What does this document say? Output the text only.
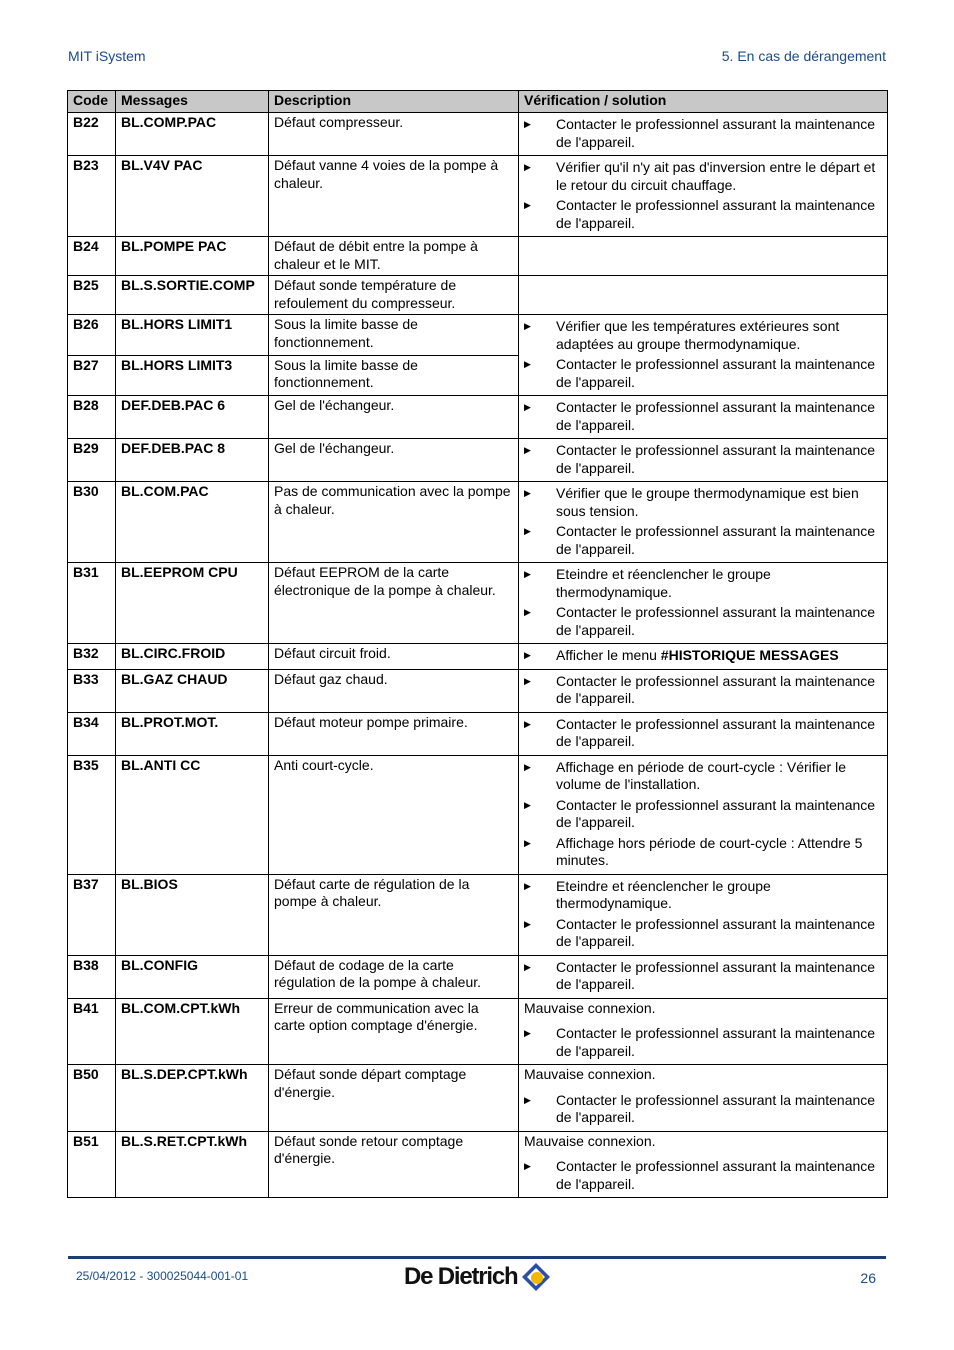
MIT iSystem	5. En cas de dérangement
Code	Messages	Description	Vérification / solution
B22	BL.COMP.PAC	Défaut compresseur.	▶ Contacter le professionnel assurant la maintenance de l'appareil.

B23	BL.V4V PAC	Défaut vanne 4 voies de la pompe à chaleur.	▶ Vérifier qu'il n'y ait pas d'inversion entre le départ et le retour du circuit chauffage.
▶ Contacter le professionnel assurant la maintenance de l'appareil.

B24	BL.POMPE PAC	Défaut de débit entre la pompe à chaleur et le MIT.	
B25	BL.S.SORTIE.COMP	Défaut sonde température de refoulement du compresseur.	
B26	BL.HORS LIMIT1	Sous la limite basse de fonctionnement.	▶ Vérifier que les températures extérieures sont adaptées au groupe thermodynamique.
▶ Contacter le professionnel assurant la maintenance de l'appareil.

B27	BL.HORS LIMIT3	Sous la limite basse de fonctionnement.	
B28	DEF.DEB.PAC 6	Gel de l'échangeur.	▶ Contacter le professionnel assurant la maintenance de l'appareil.

B29	DEF.DEB.PAC 8	Gel de l'échangeur.	▶ Contacter le professionnel assurant la maintenance de l'appareil.

B30	BL.COM.PAC	Pas de communication avec la pompe à chaleur.	▶ Vérifier que le groupe thermodynamique est bien sous tension.
▶ Contacter le professionnel assurant la maintenance de l'appareil.

B31	BL.EEPROM CPU	Défaut EEPROM de la carte électronique de la pompe à chaleur.	▶ Eteindre et réenclencher le groupe thermodynamique.
▶ Contacter le professionnel assurant la maintenance de l'appareil.

B32	BL.CIRC.FROID	Défaut circuit froid.	▶ Afficher le menu #HISTORIQUE MESSAGES

B33	BL.GAZ CHAUD	Défaut gaz chaud.	▶ Contacter le professionnel assurant la maintenance de l'appareil.

B34	BL.PROT.MOT.	Défaut moteur pompe primaire.	▶ Contacter le professionnel assurant la maintenance de l'appareil.

B35	BL.ANTI CC	Anti court-cycle.	▶	Affichage en période de court-cycle : Vérifier le volume de l'installation.
▶	Contacter le professionnel assurant la maintenance de l'appareil.
▶	Affichage hors période de court-cycle : Attendre 5 minutes.

B37	BL.BIOS	Défaut carte de régulation de la pompe à chaleur.	▶ Eteindre et réenclencher le groupe thermodynamique.
▶ Contacter le professionnel assurant la maintenance de l'appareil.

B38	BL.CONFIG	Défaut de codage de la carte régulation de la pompe à chaleur.	▶ Contacter le professionnel assurant la maintenance de l'appareil.

B41	BL.COM.CPT.kWh	Erreur de communication avec la carte option comptage d'énergie.	Mauvaise connexion.
▶ Contacter le professionnel assurant la maintenance de l'appareil.

B50	BL.S.DEP.CPT.kWh	Défaut sonde départ comptage d'énergie.	Mauvaise connexion.
▶ Contacter le professionnel assurant la maintenance de l'appareil.

B51	BL.S.RET.CPT.kWh	Défaut sonde retour comptage d'énergie.	Mauvaise connexion.
▶ Contacter le professionnel assurant la maintenance de l'appareil.
25/04/2012 - 300025044-001-01	De Dietrich	26
